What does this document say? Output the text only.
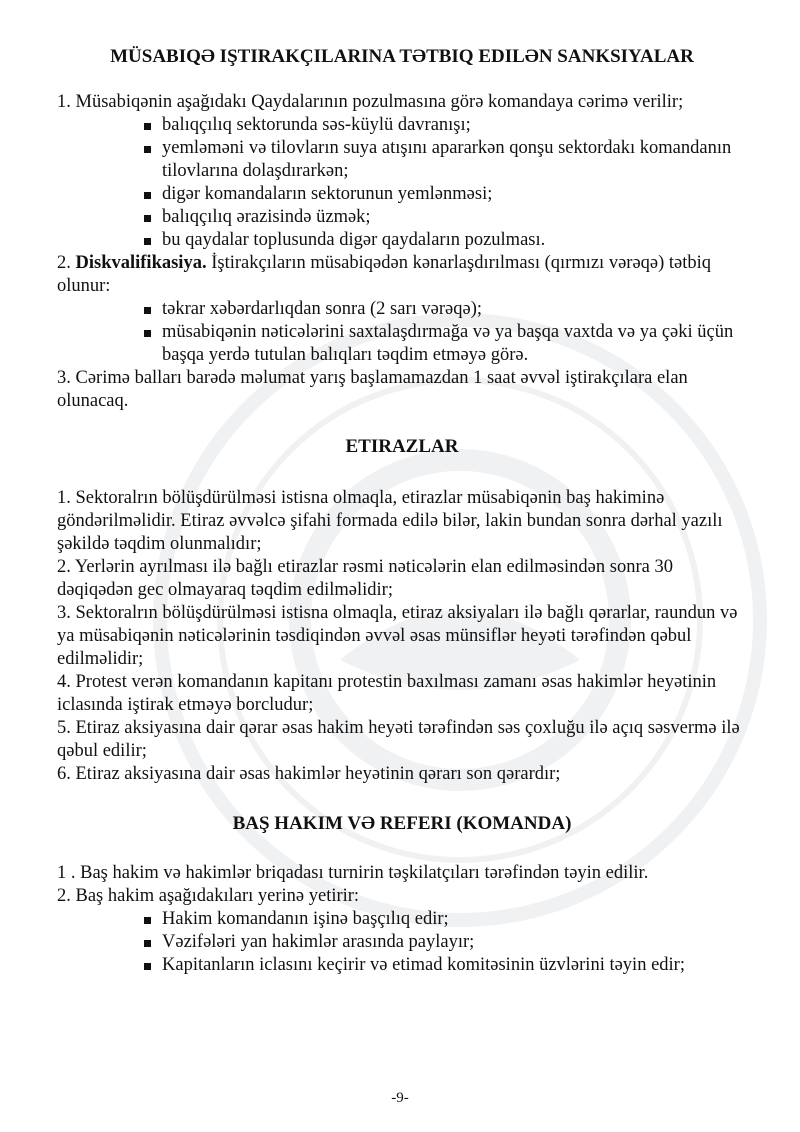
MÜSABIQƏ IŞTIRAKÇILARINA TƏTBIQ EDILƏN SANKSIYALAR

1. Müsabiqənin aşağıdakı Qaydalarının pozulmasına görə komandaya cərimə verilir;

balıqçılıq sektorunda səs-küylü davranışı;
yemləməni və tilovların suya atışını apararkən qonşu sektordakı komandanın tilovlarına dolaşdırarkən;
digər komandaların sektorunun yemlənməsi;
balıqçılıq ərazisində üzmək;
bu qaydalar toplusunda digər qaydaların pozulması.

2. Diskvalifikasiya. İştirakçıların müsabiqədən kənarlaşdırılması (qırmızı vərəqə) tətbiq olunur:

təkrar xəbərdarlıqdan sonra (2 sarı vərəqə);
müsabiqənin nəticələrini saxtalaşdırmağa və ya başqa vaxtda və ya çəki üçün başqa yerdə tutulan balıqları təqdim etməyə görə.

3. Cərimə balları barədə məlumat yarış başlamamazdan 1 saat əvvəl iştirakçılara elan olunacaq.

ETIRAZLAR

1. Sektoralrın bölüşdürülməsi istisna olmaqla, etirazlar müsabiqənin baş hakiminə göndərilməlidir. Etiraz əvvəlcə şifahi formada edilə bilər, lakin bundan sonra dərhal yazılı şəkildə təqdim olunmalıdır;

2. Yerlərin ayrılması ilə bağlı etirazlar rəsmi nəticələrin elan edilməsindən sonra 30 dəqiqədən gec olmayaraq təqdim edilməlidir;

3. Sektoralrın bölüşdürülməsi istisna olmaqla, etiraz aksiyaları ilə bağlı qərarlar, raundun və ya müsabiqənin nəticələrinin təsdiqindən əvvəl əsas münsiflər heyəti tərəfindən qəbul edilməlidir;

4. Protest verən komandanın kapitanı protestin baxılması zamanı əsas hakimlər heyətinin iclasında iştirak etməyə borcludur;

5. Etiraz aksiyasına dair qərar əsas hakim heyəti tərəfindən səs çoxluğu ilə açıq səsvermə ilə qəbul edilir;

6. Etiraz aksiyasına dair əsas hakimlər heyətinin qərarı son qərardır;

BAŞ HAKIM VƏ REFERI (KOMANDA)

1 . Baş hakim və hakimlər briqadası turnirin təşkilatçıları tərəfindən təyin edilir.

2. Baş hakim aşağıdakıları yerinə yetirir:

Hakim komandanın işinə başçılıq edir;
Vəzifələri yan hakimlər arasında paylayır;
Kapitanların iclasını keçirir və etimad komitəsinin üzvlərini təyin edir;
-9-
